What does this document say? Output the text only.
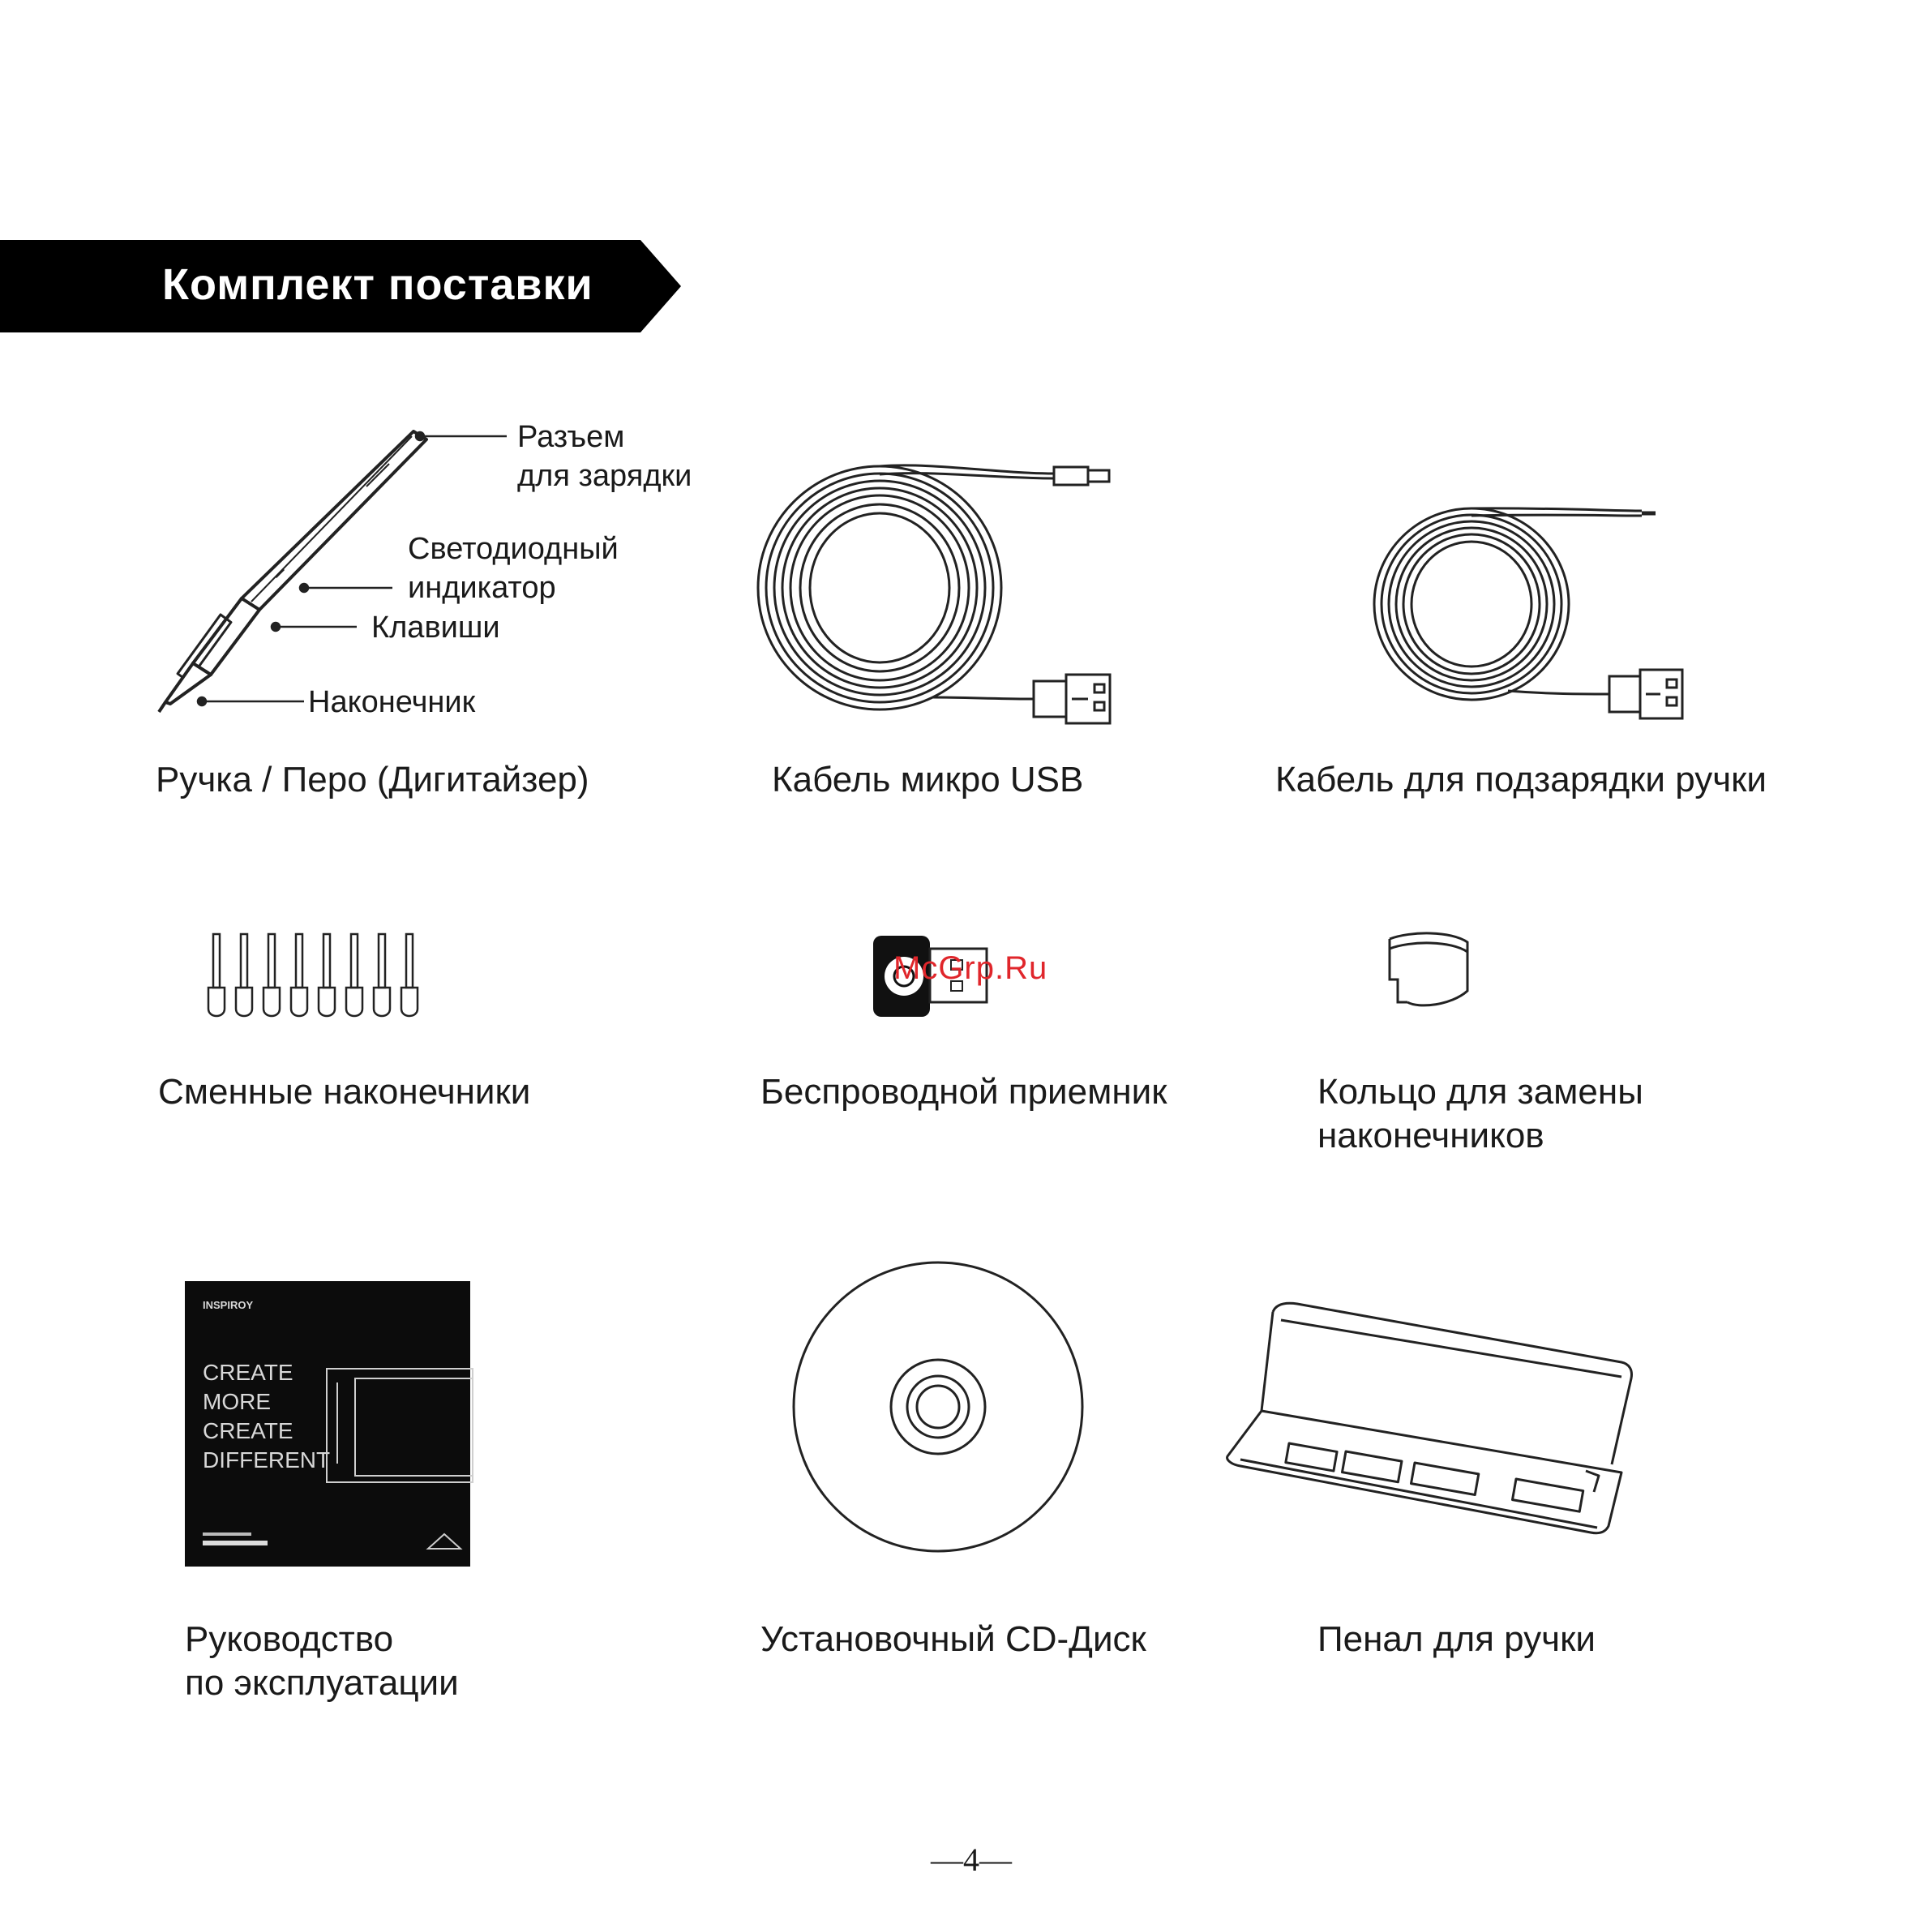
Комплект поставки
Разъем
для зарядки
Светодиодный
индикатор
Клавиши
Наконечник
Ручка / Перо (Дигитайзер)	Кабель микро USB	Кабель для подзарядки ручки
Сменные наконечники
McGrp.Ru
Беспроводной приемник	Кольцо для замены
наконечников
INSPIROY
CREATE
MORE
CREATE
DIFFERENT
Руководство
по эксплуатации
Установочный CD-Диск	Пенал для ручки
—4—
